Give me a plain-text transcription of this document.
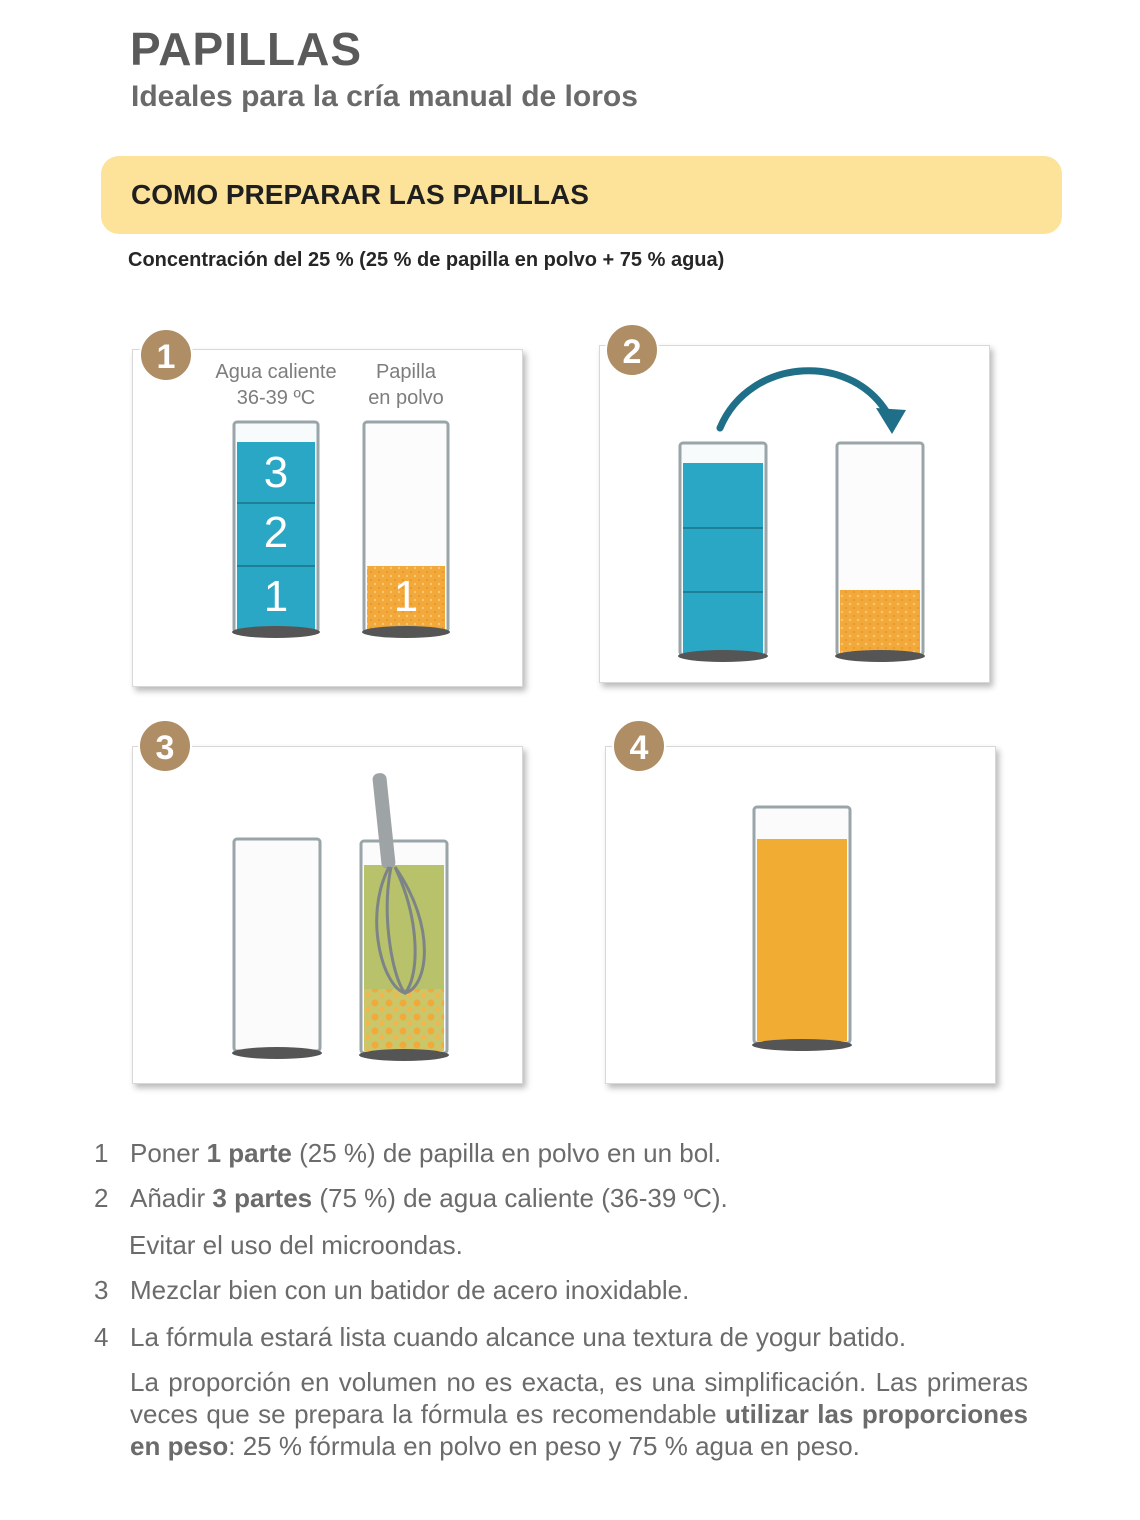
PAPILLAS
Ideales para la cría manual de loros
COMO PREPARAR LAS PAPILLAS
Concentración del 25 % (25 % de papilla en polvo + 75 % agua)
Agua caliente
36-39 ºC
Papilla
en polvo
3
2
1 1
1	2
3	4
1 Poner 1 parte (25 %) de papilla en polvo en un bol.
2 Añadir 3 partes (75 %) de agua caliente (36-39 ºC).
Evitar el uso del microondas.
3 Mezclar bien con un batidor de acero inoxidable.
4 La fórmula estará lista cuando alcance una textura de yogur batido.
La proporción en volumen no es exacta, es una simplificación. Las primeras veces que se prepara la fórmula es recomendable utilizar las proporciones en peso: 25 % fórmula en polvo en peso y 75 % agua en peso.
